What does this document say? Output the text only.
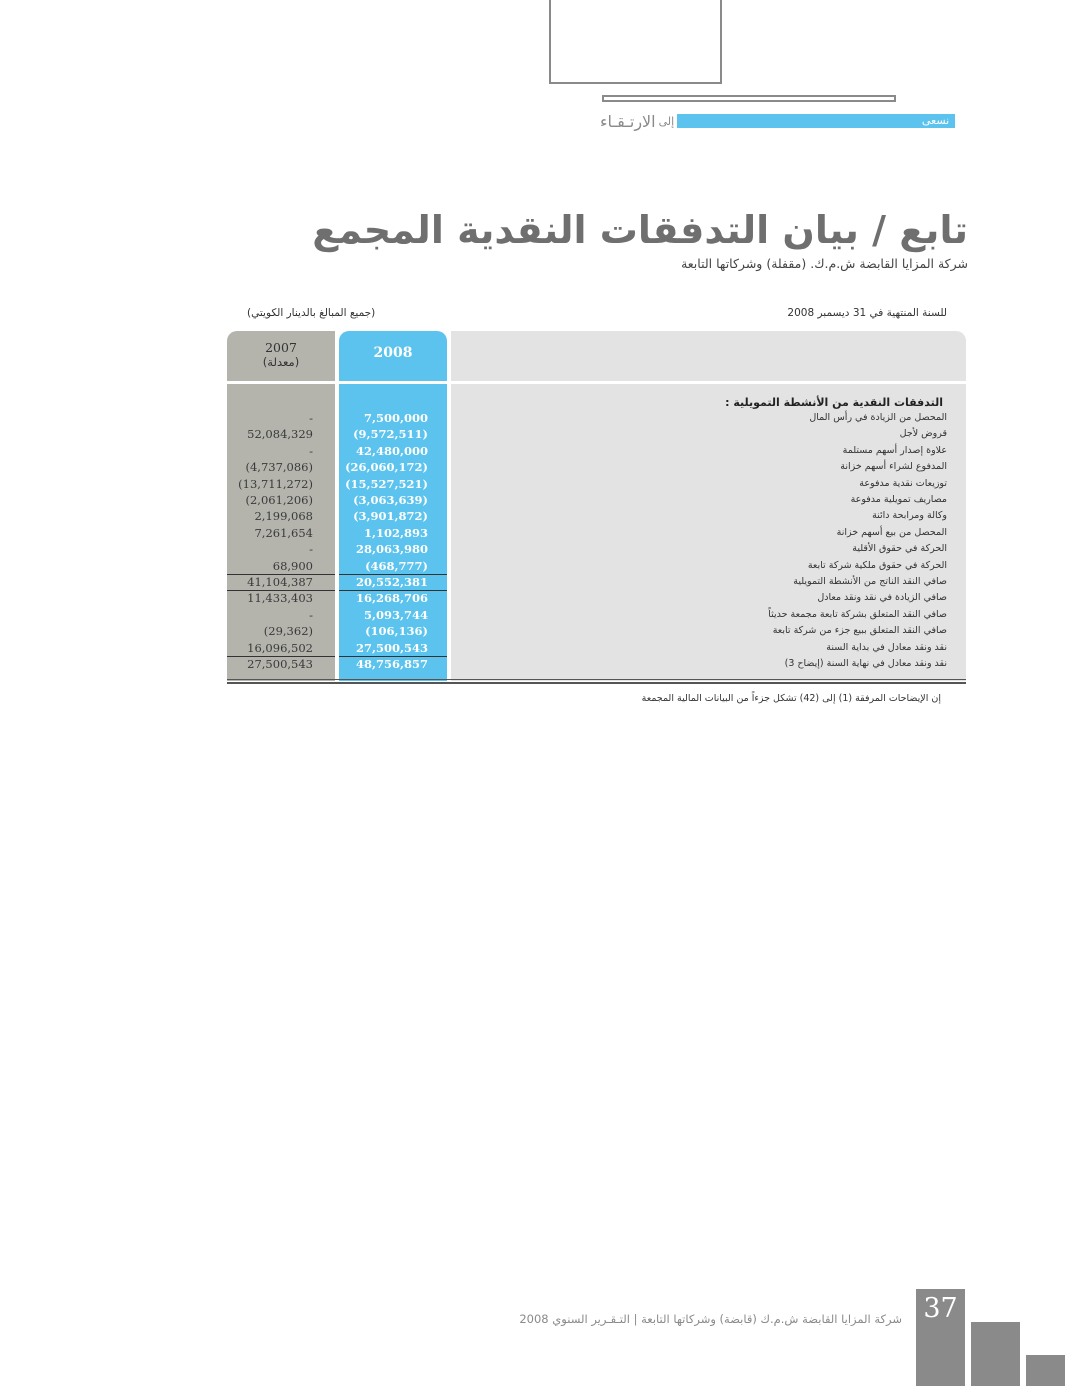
نسعى
إلى
الارتـقـاء
تابع / بيان التدفقات النقدية المجمع
شركة المزايا القابضة ش.م.ك. (مقفلة) وشركاتها التابعة
للسنة المنتهية في 31 ديسمبر 2008
(جميع المبالغ بالدينار الكويتي)
2007
(معدلة)
2008
التدفقات النقدية من الأنشطة التمويلية :
-	7,500,000	المحصل من الزيادة في رأس المال
52,084,329	(9,572,511)	قروض لأجل
-	42,480,000	علاوة إصدار أسهم مستلمة
(4,737,086)	(26,060,172)	المدفوع لشراء أسهم خزانة
(13,711,272)	(15,527,521)	توزيعات نقدية مدفوعة
(2,061,206)	(3,063,639)	مصاريف تمويلية مدفوعة
2,199,068	(3,901,872)	وكالة ومرابحة دائنة
7,261,654	1,102,893	المحصل من بيع أسهم خزانة
-	28,063,980	الحركة في حقوق الأقلية
68,900	(468,777)	الحركة في حقوق ملكية شركة تابعة
41,104,387	20,552,381	صافي النقد الناتج من الأنشطة التمويلية
11,433,403	16,268,706	صافي الزيادة في نقد ونقد معادل
-	5,093,744	صافي النقد المتعلق بشركة تابعة مجمعة حديثاً
(29,362)	(106,136)	صافي النقد المتعلق ببيع جزء من شركة تابعة
16,096,502	27,500,543	نقد ونقد معادل في بداية السنة
27,500,543	48,756,857	نقد ونقد معادل في نهاية السنة (إيضاح 3)
إن الإيضاحات المرفقة (1) إلى (42) تشكل جزءاً من البيانات المالية المجمعة
شركة المزايا القابضة ش.م.ك (قابضة) وشركاتها التابعة | التـقـرير السنوي 2008 37
